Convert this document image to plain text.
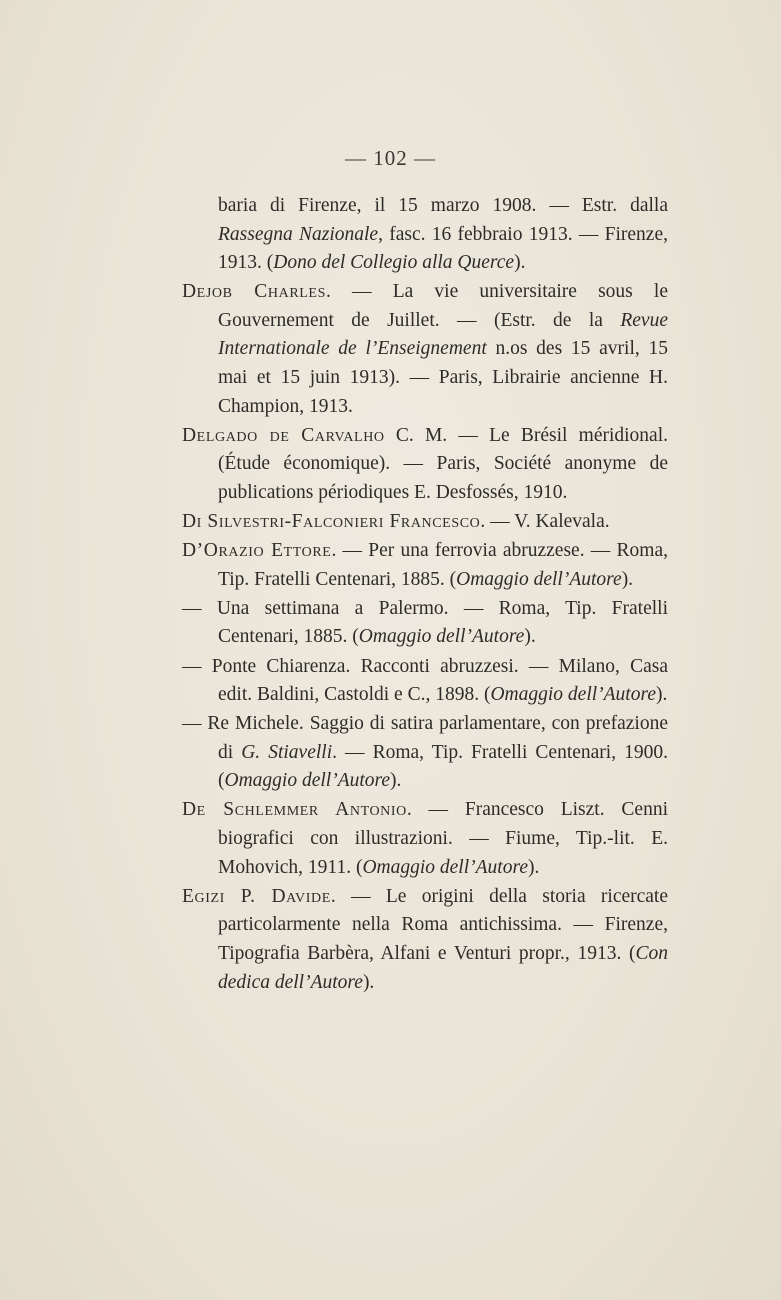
— 102 —

baria di Firenze, il 15 marzo 1908. — Estr. dalla Rassegna Nazionale, fasc. 16 febbraio 1913. — Firenze, 1913. (Dono del Collegio alla Querce).

Dejob Charles. — La vie universitaire sous le Gouvernement de Juillet. — (Estr. de la Revue Internationale de l’Enseignement n.os des 15 avril, 15 mai et 15 juin 1913). — Paris, Librairie ancienne H. Champion, 1913.

Delgado de Carvalho C. M. — Le Brésil méridional. (Étude économique). — Paris, Société anonyme de publications périodiques E. Desfossés, 1910.

Di Silvestri-Falconieri Francesco. — V. Kalevala.

D’Orazio Ettore. — Per una ferrovia abruzzese. — Roma, Tip. Fratelli Centenari, 1885. (Omaggio dell’Autore).

— Una settimana a Palermo. — Roma, Tip. Fratelli Centenari, 1885. (Omaggio dell’Autore).

— Ponte Chiarenza. Racconti abruzzesi. — Milano, Casa edit. Baldini, Castoldi e C., 1898. (Omaggio dell’Autore).

— Re Michele. Saggio di satira parlamentare, con prefazione di G. Stiavelli. — Roma, Tip. Fratelli Centenari, 1900. (Omaggio dell’Autore).

De Schlemmer Antonio. — Francesco Liszt. Cenni biografici con illustrazioni. — Fiume, Tip.-lit. E. Mohovich, 1911. (Omaggio dell’Autore).

Egizi P. Davide. — Le origini della storia ricercate particolarmente nella Roma antichissima. — Firenze, Tipografia Barbèra, Alfani e Venturi propr., 1913. (Con dedica dell’Autore).
